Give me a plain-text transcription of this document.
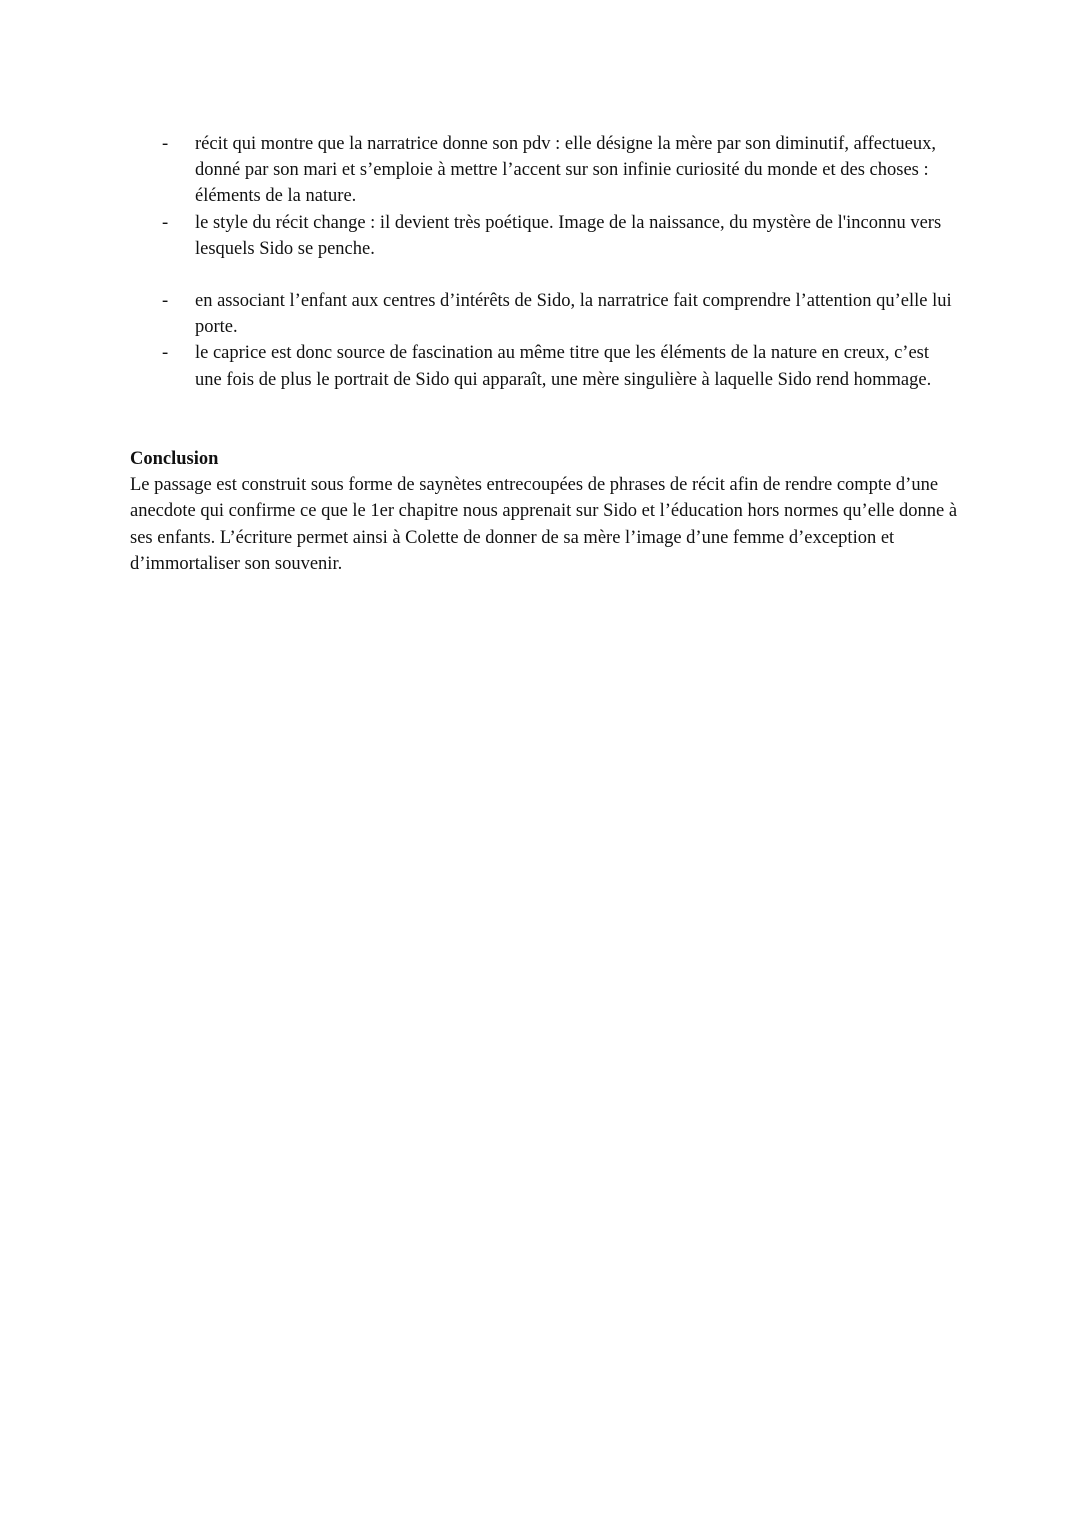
- récit qui montre que la narratrice donne son pdv : elle désigne la mère par son diminutif, affectueux, donné par son mari et s’emploie à mettre l’accent sur son infinie curiosité du monde et des choses : éléments de la nature.
- le style du récit change : il devient très poétique. Image de la naissance, du mystère de l'inconnu vers lesquels Sido se penche.
- en associant l’enfant aux centres d’intérêts de Sido, la narratrice fait comprendre l’attention qu’elle lui porte.
- le caprice est donc source de fascination au même titre que les éléments de la nature en creux, c’est une fois de plus le portrait de Sido qui apparaît, une mère singulière à laquelle Sido rend hommage.

Conclusion

Le passage est construit sous forme de saynètes entrecoupées de phrases de récit afin de rendre compte d’une anecdote qui confirme ce que le 1er chapitre nous apprenait sur Sido et l’éducation hors normes qu’elle donne à ses enfants. L’écriture permet ainsi à Colette de donner de sa mère l’image d’une femme d’exception et d’immortaliser son souvenir.
